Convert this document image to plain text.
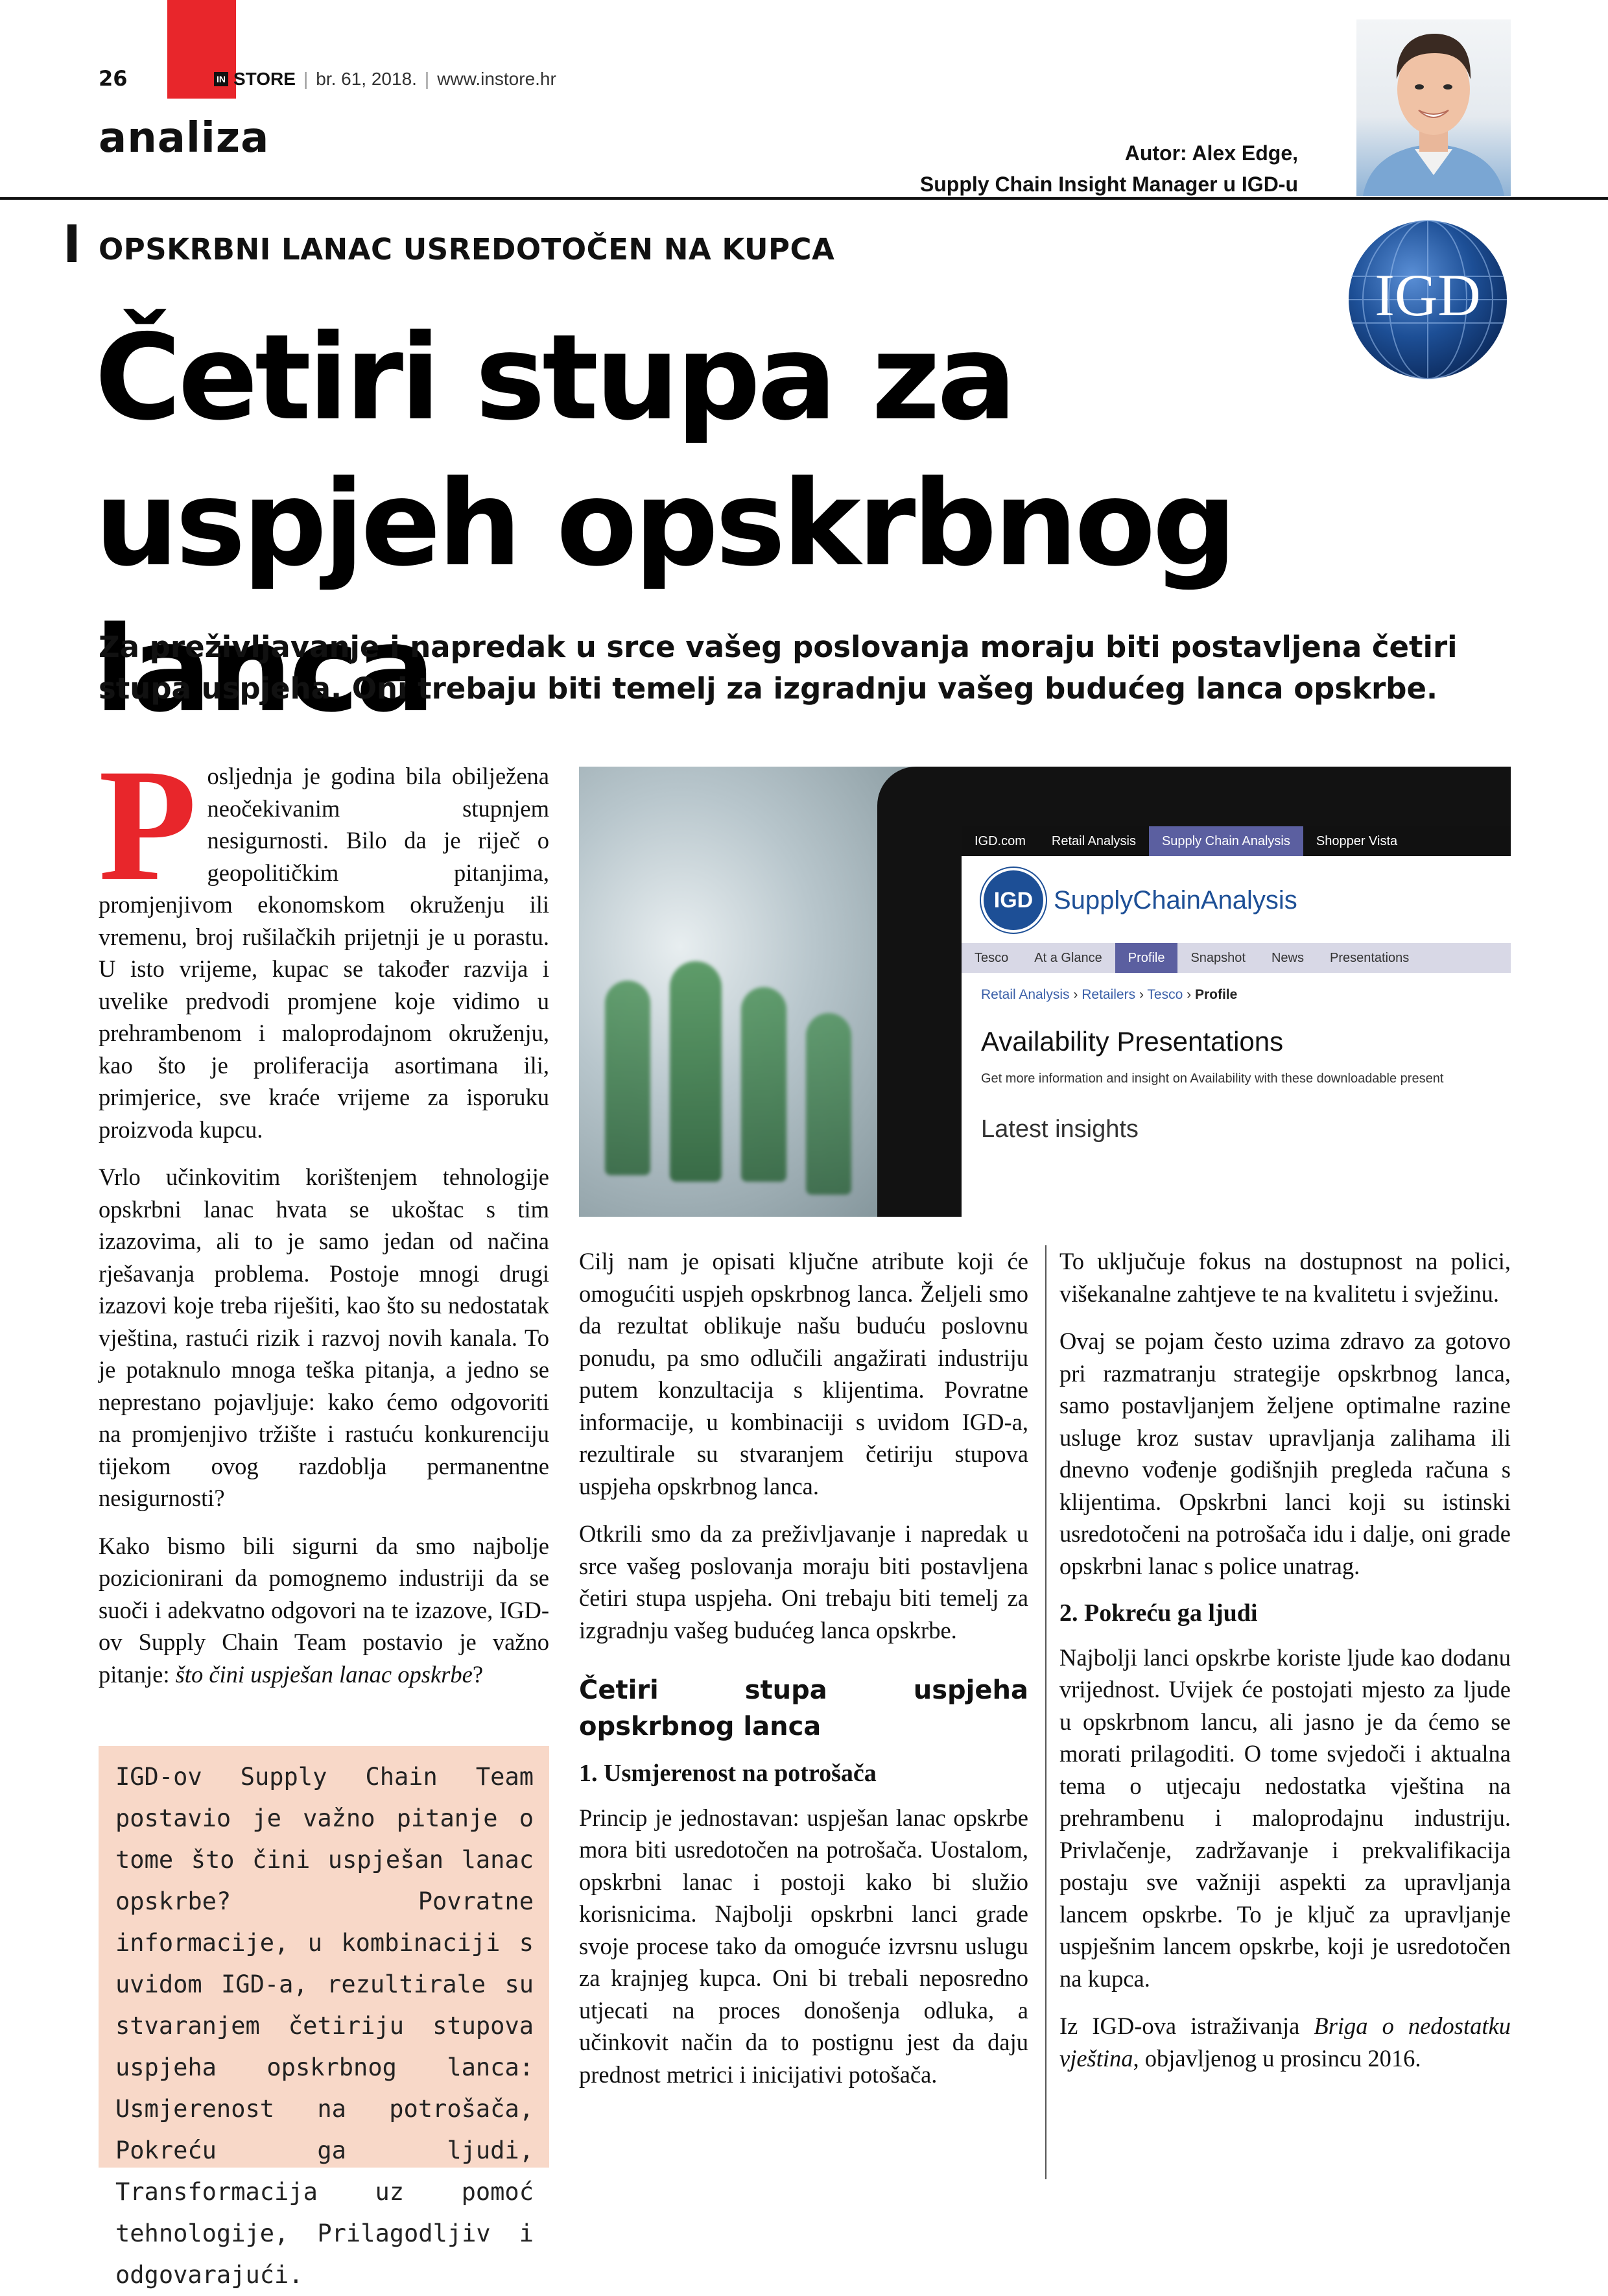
26	IN STORE | br. 61, 2018. | www.instore.hr
analiza	Autor: Alex Edge,
Supply Chain Insight Manager u IGD-u
OPSKRBNI LANAC USREDOTOČEN NA KUPCA
Četiri stupa za
uspjeh opskrbnog lanca
IGD
Za preživljavanje i napredak u srce vašeg poslovanja moraju biti postavljena četiri stupa uspjeha. Oni trebaju biti temelj za izgradnju vašeg budućeg lanca opskrbe.

Posljednja je godina bila obilježena neočekivanim stupnjem nesigurnosti. Bilo da je riječ o geopolitičkim pitanjima, promjenjivom ekonomskom okruženju ili vremenu, broj rušilačkih prijetnji je u porastu. U isto vrijeme, kupac se također razvija i uvelike predvodi promjene koje vidimo u prehrambenom i maloprodajnom okruženju, kao što je proliferacija asortimana ili, primjerice, sve kraće vrijeme za isporuku proizvoda kupcu.

Vrlo učinkovitim korištenjem tehnologije opskrbni lanac hvata se ukoštac s tim izazovima, ali to je samo jedan od načina rješavanja problema. Postoje mnogi drugi izazovi koje treba riješiti, kao što su nedostatak vještina, rastući rizik i razvoj novih kanala. To je potaknulo mnoga teška pitanja, a jedno se neprestano pojavljuje: kako ćemo odgovoriti na promjenjivo tržište i rastuću konkurenciju tijekom ovog razdoblja permanentne nesigurnosti?

Kako bismo bili sigurni da smo najbolje pozicionirani da pomognemo industriji da se suoči i adekvatno odgovori na te izazove, IGD-ov Supply Chain Team postavio je važno pitanje: što čini uspješan lanac opskrbe?

IGD-ov Supply Chain Team postavio je važno pitanje o tome što čini uspješan lanac opskrbe? Povratne informacije, u kombinaciji s uvidom IGD-a, rezultirale su stvaranjem četiriju stupova uspjeha opskrbnog lanca: Usmjerenost na potrošača, Pokreću ga ljudi, Transformacija uz pomoć tehnologije, Prilagodljiv i odgovarajući.
IGD.com	Retail Analysis	Supply Chain Analysis	Shopper Vista
IGD SupplyChainAnalysis
Tesco	At a Glance	Profile	Snapshot	News	Presentations
Retail Analysis › Retailers › Tesco › Profile
Availability Presentations
Get more information and insight on Availability with these downloadable present
Latest insights

Cilj nam je opisati ključne atribute koji će omogućiti uspjeh opskrbnog lanca. Željeli smo da rezultat oblikuje našu buduću poslovnu ponudu, pa smo odlučili angažirati industriju putem konzultacija s klijentima. Povratne informacije, u kombinaciji s uvidom IGD-a, rezultirale su stvaranjem četiriju stupova uspjeha opskrbnog lanca.

Otkrili smo da za preživljavanje i napredak u srce vašeg poslovanja moraju biti postavljena četiri stupa uspjeha. Oni trebaju biti temelj za izgradnju vašeg budućeg lanca opskrbe.

Četiri stupa uspjeha opskrbnog lanca

1. Usmjerenost na potrošača

Princip je jednostavan: uspješan lanac opskrbe mora biti usredotočen na potrošača. Uostalom, opskrbni lanac i postoji kako bi služio korisnicima. Najbolji opskrbni lanci grade svoje procese tako da omoguće izvrsnu uslugu za krajnjeg kupca. Oni bi trebali neposredno utjecati na proces donošenja odluka, a učinkovit način da to postignu jest da daju prednost metrici i inicijativi potošača.

To uključuje fokus na dostupnost na polici, višekanalne zahtjeve te na kvalitetu i svježinu.

Ovaj se pojam često uzima zdravo za gotovo pri razmatranju strategije opskrbnog lanca, samo postavljanjem željene optimalne razine usluge kroz sustav upravljanja zalihama ili dnevno vođenje godišnjih pregleda računa s klijentima. Opskrbni lanci koji su istinski usredotočeni na potrošača idu i dalje, oni grade opskrbni lanac s police unatrag.

2. Pokreću ga ljudi

Najbolji lanci opskrbe koriste ljude kao dodanu vrijednost. Uvijek će postojati mjesto za ljude u opskrbnom lancu, ali jasno je da ćemo se morati prilagoditi. O tome svjedoči i aktualna tema o utjecaju nedostatka vještina na prehrambenu i maloprodajnu industriju. Privlačenje, zadržavanje i prekvalifikacija postaju sve važniji aspekti za upravljanja lancem opskrbe. To je ključ za upravljanje uspješnim lancem opskrbe, koji je usredotočen na kupca.

Iz IGD-ova istraživanja Briga o nedostatku vještina, objavljenog u prosincu 2016.
